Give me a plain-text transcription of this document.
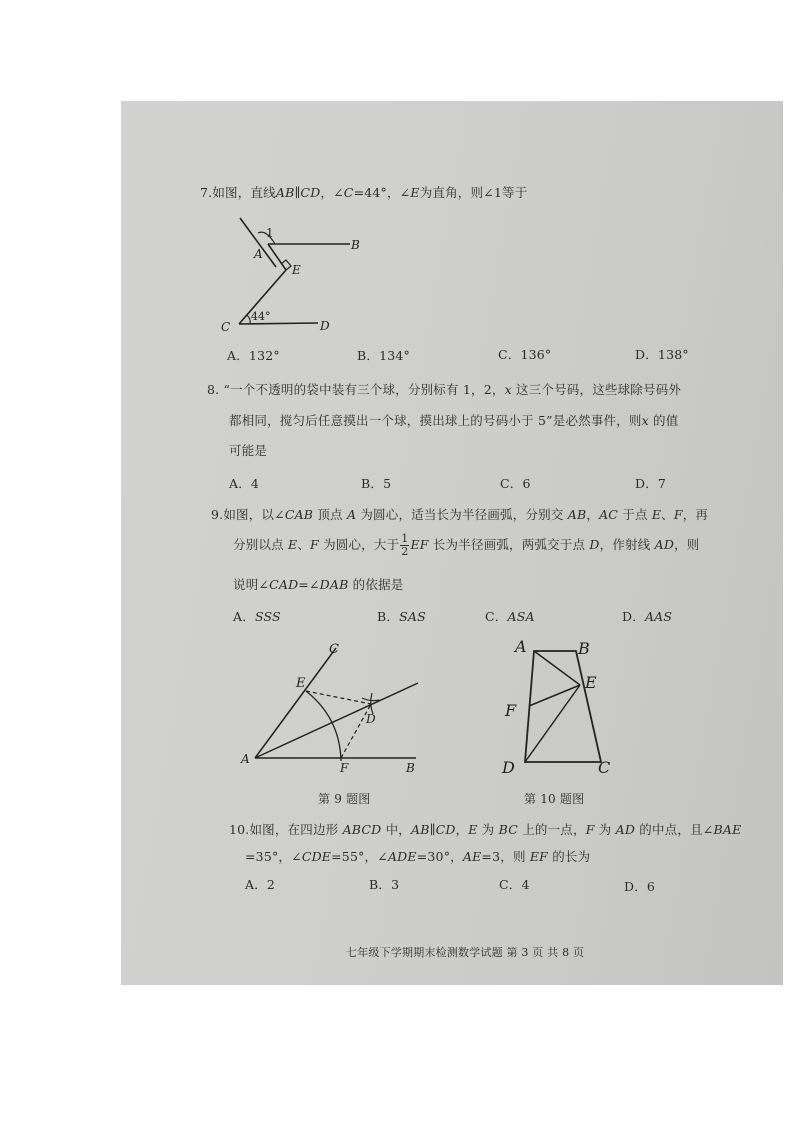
7.如图，直线AB∥CD，∠C=44°，∠E为直角，则∠1等于
1
A
B
E
C	D
44°
A．132°	B．134°	C．136°	D．138°
8. “一个不透明的袋中装有三个球，分别标有 1，2，x 这三个号码，这些球除号码外
都相同，搅匀后任意摸出一个球，摸出球上的号码小于 5”是必然事件，则x 的值
可能是
A．4	B．5	C．6	D．7
9.如图，以∠CAB 顶点 A 为圆心，适当长为半径画弧，分别交 AB，AC 于点 E、F，再
分别以点 E、F 为圆心，大于 $\frac{1}{2}$ EF 长为半径画弧，两弧交于点 D，作射线 AD，则
说明∠CAD=∠DAB 的依据是
A．SSS	B．SAS	C．ASA	D．AAS
C
E
D
A
F	B
第 9 题图
A	B
E
F
D	C
第 10 题图
10.如图，在四边形 ABCD 中，AB∥CD，E 为 BC 上的一点，F 为 AD 的中点，且∠BAE
=35°，∠CDE=55°，∠ADE=30°，AE=3，则 EF 的长为
A．2	B．3	C．4	D．6
七年级下学期期末检测数学试题 第 3 页 共 8 页
